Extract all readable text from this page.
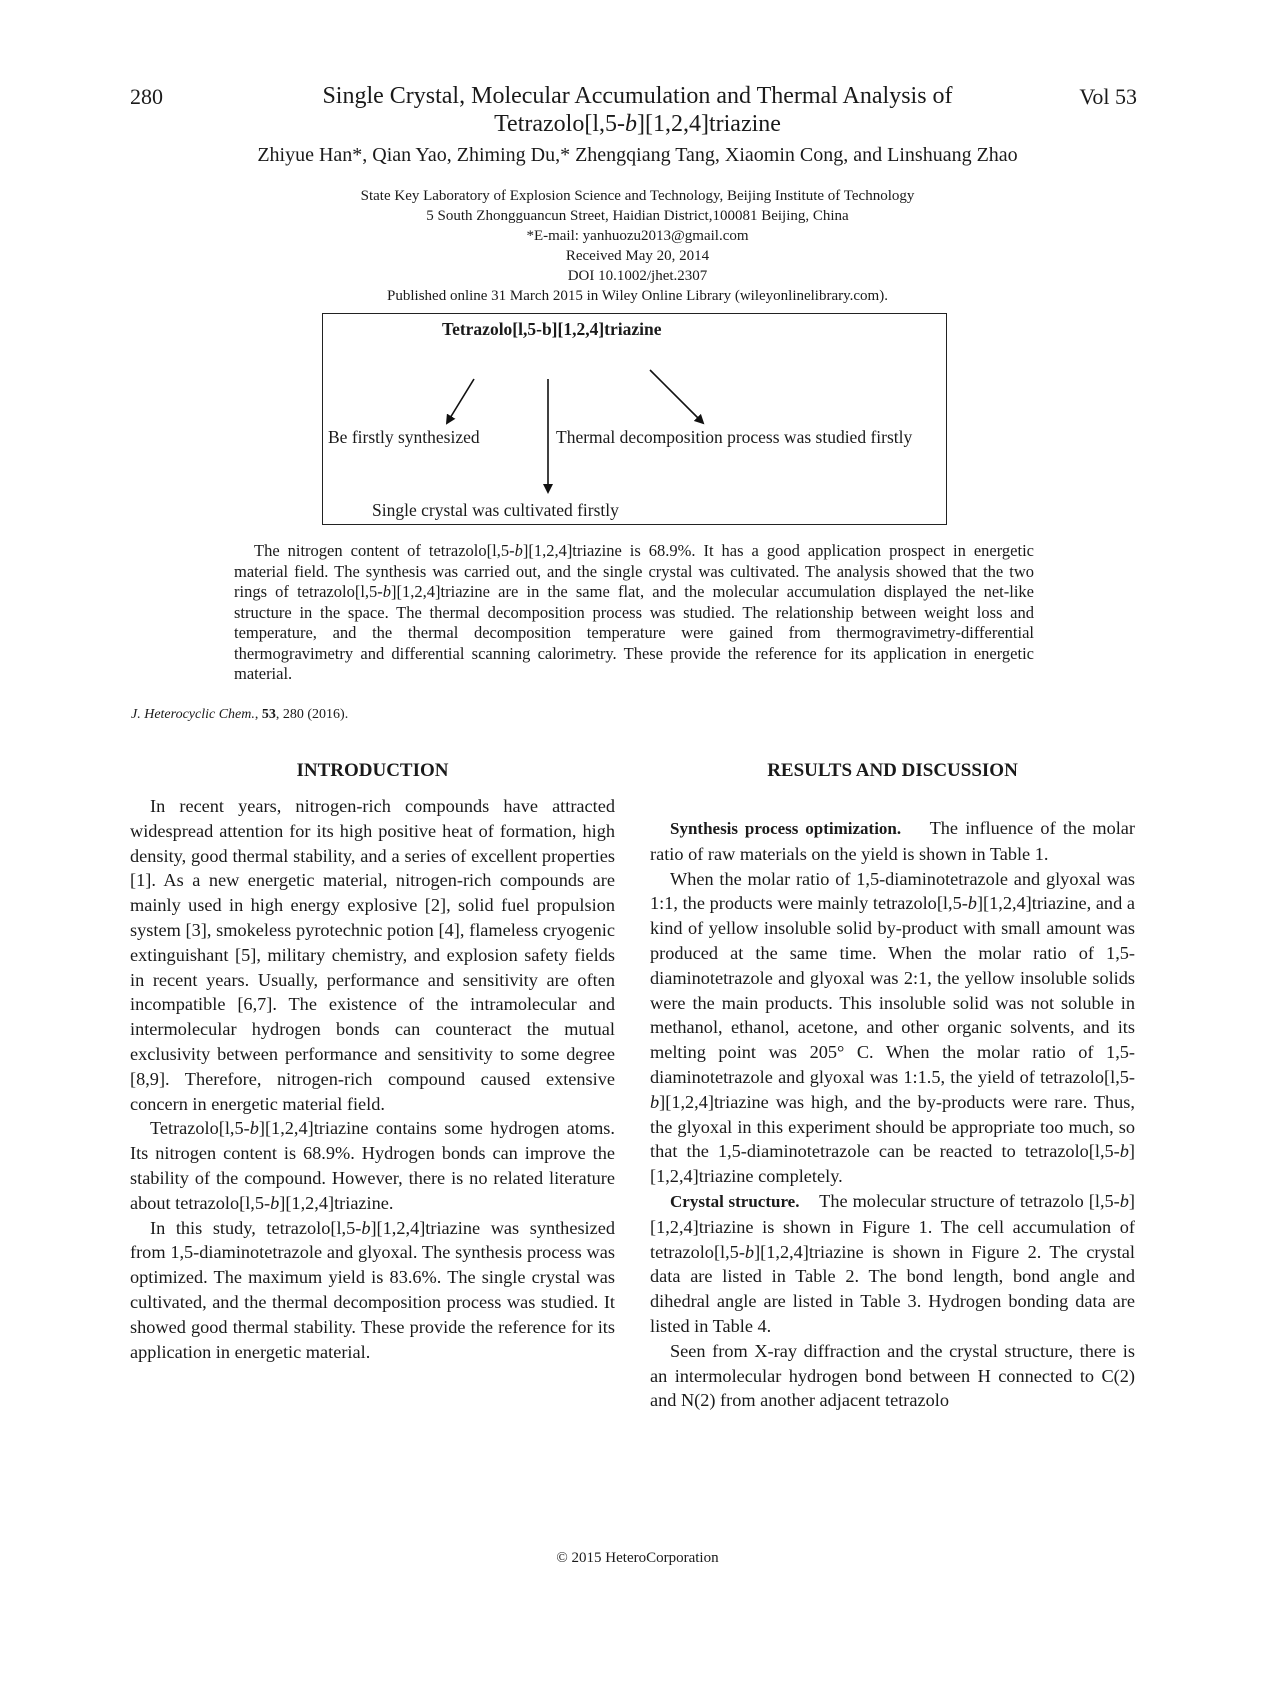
280	Vol 53
Single Crystal, Molecular Accumulation and Thermal Analysis of
Tetrazolo[l,5-b][1,2,4]triazine
Zhiyue Han*, Qian Yao, Zhiming Du,* Zhengqiang Tang, Xiaomin Cong, and Linshuang Zhao
State Key Laboratory of Explosion Science and Technology, Beijing Institute of Technology
5 South Zhongguancun Street, Haidian District,100081 Beijing, China
*E-mail: yanhuozu2013@gmail.com
Received May 20, 2014
DOI 10.1002/jhet.2307
Published online 31 March 2015 in Wiley Online Library (wileyonlinelibrary.com).
Tetrazolo[l,5-b][1,2,4]triazine
Be firstly synthesized	Thermal decomposition process was studied firstly
Single crystal was cultivated firstly

The nitrogen content of tetrazolo[l,5-b][1,2,4]triazine is 68.9%. It has a good application prospect in energetic material field. The synthesis was carried out, and the single crystal was cultivated. The analysis showed that the two rings of tetrazolo[l,5-b][1,2,4]triazine are in the same flat, and the molecular accumulation displayed the net-like structure in the space. The thermal decomposition process was studied. The relationship between weight loss and temperature, and the thermal decomposition temperature were gained from thermogravimetry-differential thermogravimetry and differential scanning calorimetry. These provide the reference for its application in energetic material.

J. Heterocyclic Chem., 53, 280 (2016).
INTRODUCTION

In recent years, nitrogen-rich compounds have attracted widespread attention for its high positive heat of formation, high density, good thermal stability, and a series of excellent properties [1]. As a new energetic material, nitrogen-rich compounds are mainly used in high energy explosive [2], solid fuel propulsion system [3], smokeless pyrotechnic potion [4], flameless cryogenic extinguishant [5], military chemistry, and explosion safety fields in recent years. Usually, performance and sensitivity are often incompatible [6,7]. The existence of the intramolecular and intermolecular hydrogen bonds can counteract the mutual exclusivity between performance and sensitivity to some degree [8,9]. Therefore, nitrogen-rich compound caused extensive concern in energetic material field.

Tetrazolo[l,5-b][1,2,4]triazine contains some hydrogen atoms. Its nitrogen content is 68.9%. Hydrogen bonds can improve the stability of the compound. However, there is no related literature about tetrazolo[l,5-b][1,2,4]triazine.

In this study, tetrazolo[l,5-b][1,2,4]triazine was synthesized from 1,5-diaminotetrazole and glyoxal. The synthesis process was optimized. The maximum yield is 83.6%. The single crystal was cultivated, and the thermal decomposition process was studied. It showed good thermal stability. These provide the reference for its application in energetic material.

RESULTS AND DISCUSSION

Synthesis process optimization. The influence of the molar ratio of raw materials on the yield is shown in Table 1.

When the molar ratio of 1,5-diaminotetrazole and glyoxal was 1:1, the products were mainly tetrazolo[l,5-b][1,2,4]triazine, and a kind of yellow insoluble solid by-product with small amount was produced at the same time. When the molar ratio of 1,5-diaminotetrazole and glyoxal was 2:1, the yellow insoluble solids were the main products. This insoluble solid was not soluble in methanol, ethanol, acetone, and other organic solvents, and its melting point was 205° C. When the molar ratio of 1,5-diaminotetrazole and glyoxal was 1:1.5, the yield of tetrazolo[l,5-b][1,2,4]triazine was high, and the by-products were rare. Thus, the glyoxal in this experiment should be appropriate too much, so that the 1,5-diaminotetrazole can be reacted to tetrazolo[l,5-b][1,2,4]triazine completely.

Crystal structure. The molecular structure of tetrazolo [l,5-b][1,2,4]triazine is shown in Figure 1. The cell accumulation of tetrazolo[l,5-b][1,2,4]triazine is shown in Figure 2. The crystal data are listed in Table 2. The bond length, bond angle and dihedral angle are listed in Table 3. Hydrogen bonding data are listed in Table 4.

Seen from X-ray diffraction and the crystal structure, there is an intermolecular hydrogen bond between H connected to C(2) and N(2) from another adjacent tetrazolo

© 2015 HeteroCorporation
